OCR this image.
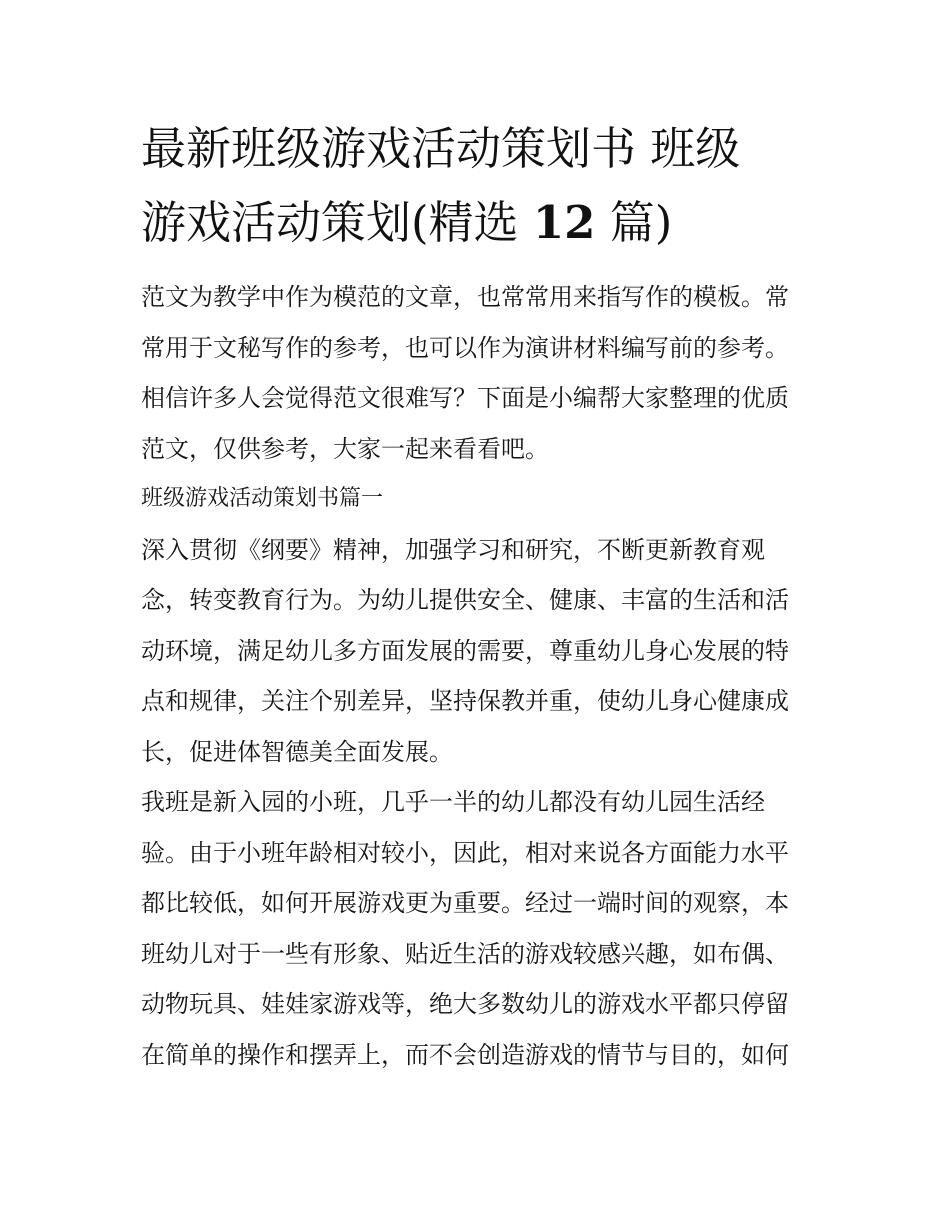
最新班级游戏活动策划书 班级
游戏活动策划(精选 12 篇)

范文为教学中作为模范的文章，也常常用来指写作的模板。常
常用于文秘写作的参考，也可以作为演讲材料编写前的参考。
相信许多人会觉得范文很难写？下面是小编帮大家整理的优质
范文，仅供参考，大家一起来看看吧。

班级游戏活动策划书篇一

深入贯彻《纲要》精神，加强学习和研究，不断更新教育观
念，转变教育行为。为幼儿提供安全、健康、丰富的生活和活
动环境，满足幼儿多方面发展的需要，尊重幼儿身心发展的特
点和规律，关注个别差异，坚持保教并重，使幼儿身心健康成
长，促进体智德美全面发展。

我班是新入园的小班，几乎一半的幼儿都没有幼儿园生活经
验。由于小班年龄相对较小，因此，相对来说各方面能力水平
都比较低，如何开展游戏更为重要。经过一端时间的观察，本
班幼儿对于一些有形象、贴近生活的游戏较感兴趣，如布偶、
动物玩具、娃娃家游戏等，绝大多数幼儿的游戏水平都只停留
在简单的操作和摆弄上，而不会创造游戏的情节与目的，如何
